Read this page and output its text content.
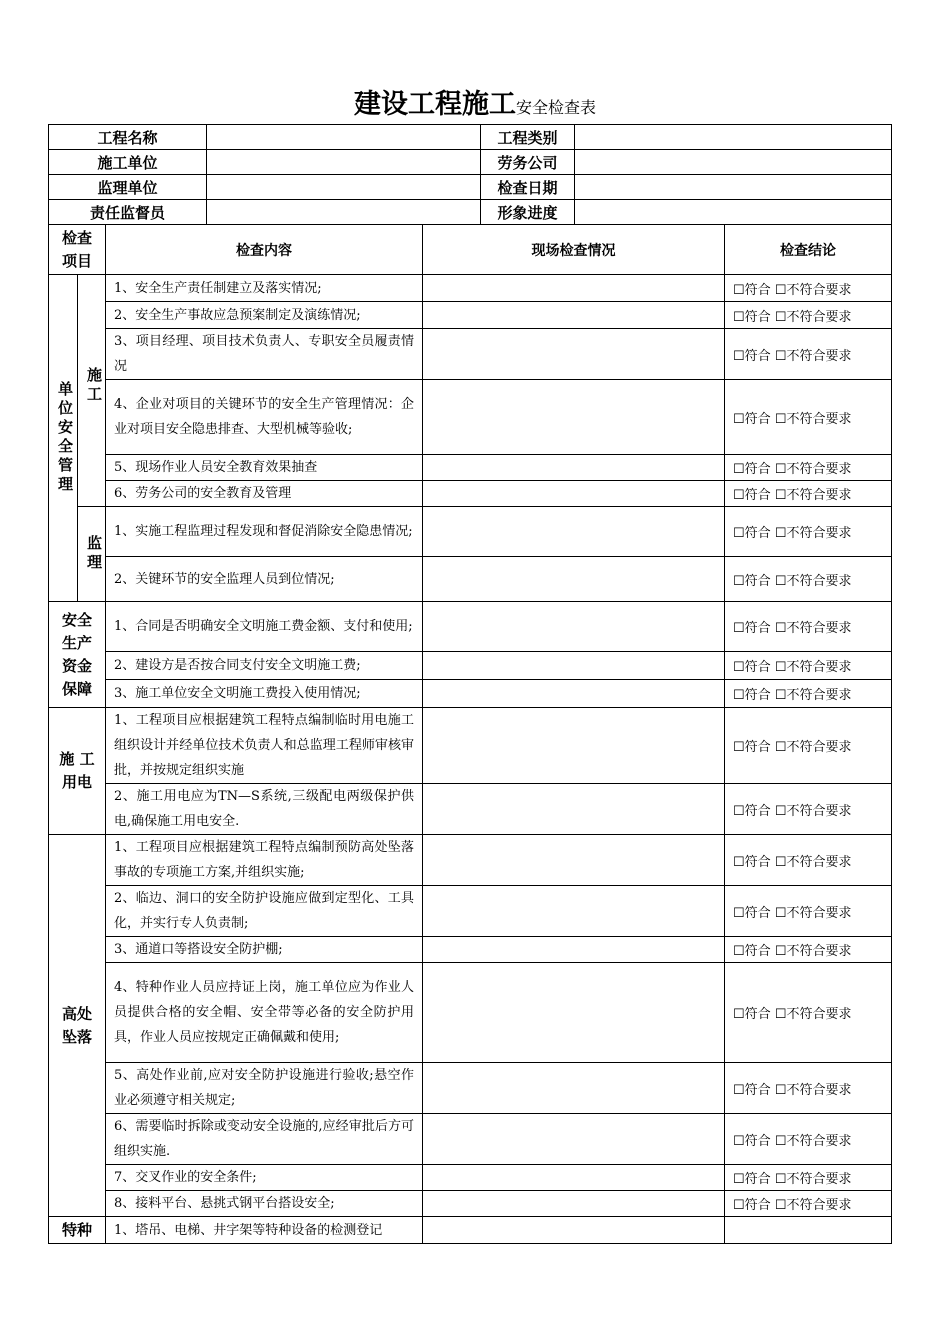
建设工程施工安全检查表
工程名称					工程类别		
施工单位					劳务公司		
监理单位					检查日期		
责任监督员					形象进度		
检查项目		检查内容		现场检查情况			检查结论

单位安全管理	施工	1、安全生产责任制建立及落实情况;					☐符合 ☐不符合要求
		2、安全生产事故应急预案制定及演练情况;					☐符合 ☐不符合要求
		3、项目经理、项目技术负责人、专职安全员履责情况					☐符合 ☐不符合要求
		4、企业对项目的关键环节的安全生产管理情况：企业对项目安全隐患排查、大型机械等验收;					☐符合 ☐不符合要求
		5、现场作业人员安全教育效果抽查					☐符合 ☐不符合要求
		6、劳务公司的安全教育及管理					☐符合 ☐不符合要求

	监理	1、实施工程监理过程发现和督促消除安全隐患情况;					☐符合 ☐不符合要求
		2、关键环节的安全监理人员到位情况;					☐符合 ☐不符合要求
安全生产资金保障		1、合同是否明确安全文明施工费金额、支付和使用;					☐符合 ☐不符合要求
		2、建设方是否按合同支付安全文明施工费;					☐符合 ☐不符合要求
		3、施工单位安全文明施工费投入使用情况;					☐符合 ☐不符合要求
施 工用电		1、工程项目应根据建筑工程特点编制临时用电施工组织设计并经单位技术负责人和总监理工程师审核审批，并按规定组织实施					☐符合 ☐不符合要求
		2、施工用电应为TN—S系统,三级配电两级保护供电,确保施工用电安全.					☐符合 ☐不符合要求
高处坠落		1、工程项目应根据建筑工程特点编制预防高处坠落事故的专项施工方案,并组织实施;					☐符合 ☐不符合要求
		2、临边、洞口的安全防护设施应做到定型化、工具化，并实行专人负责制;					☐符合 ☐不符合要求
		3、通道口等搭设安全防护棚;					☐符合 ☐不符合要求
		4、特种作业人员应持证上岗，施工单位应为作业人员提供合格的安全帽、安全带等必备的安全防护用具，作业人员应按规定正确佩戴和使用;					☐符合 ☐不符合要求
		5、高处作业前,应对安全防护设施进行验收;悬空作业必须遵守相关规定;					☐符合 ☐不符合要求
		6、需要临时拆除或变动安全设施的,应经审批后方可组织实施.					☐符合 ☐不符合要求
		7、交叉作业的安全条件;					☐符合 ☐不符合要求
		8、接料平台、悬挑式钢平台搭设安全;					☐符合 ☐不符合要求
特种		1、塔吊、电梯、井字架等特种设备的检测登记					
